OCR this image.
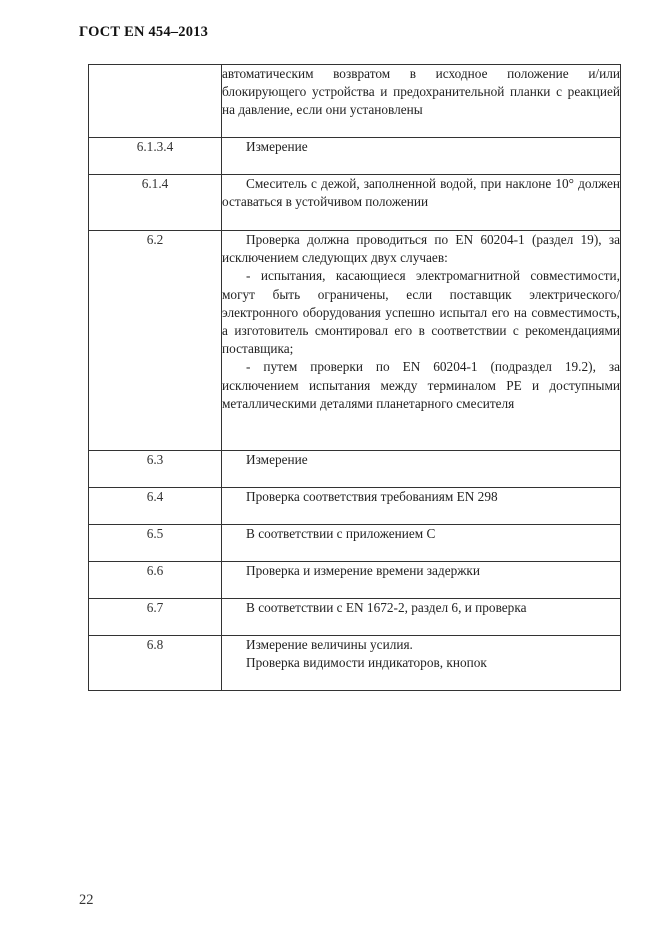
ГОСТ EN 454–2013

	автоматическим возвратом в исходное положение и/или блокирующего устройства и предохранительной планки с реакцией на давление, если они установлены

6.1.3.4	Измерение

6.1.4	Смеситель с дежой, заполненной водой, при наклоне 10° должен оставаться в устойчивом положении

6.2	Проверка должна проводиться по EN 60204-1 (раздел 19), за исключением следующих двух случаев:

- испытания, касающиеся электромагнитной совместимости, могут быть ограничены, если поставщик электрического/электронного оборудования успешно испытал его на совместимость, а изготовитель смонтировал его в соответствии с рекомендациями поставщика;

- путем проверки по EN 60204-1 (подраздел 19.2), за исключением испытания между терминалом PE и доступными металлическими деталями планетарного смесителя

6.3	Измерение

6.4	Проверка соответствия требованиям EN 298

6.5	В соответствии с приложением C

6.6	Проверка и измерение времени задержки

6.7	В соответствии с EN 1672-2, раздел 6, и проверка

6.8	Измерение величины усилия.

Проверка видимости индикаторов, кнопок

22
